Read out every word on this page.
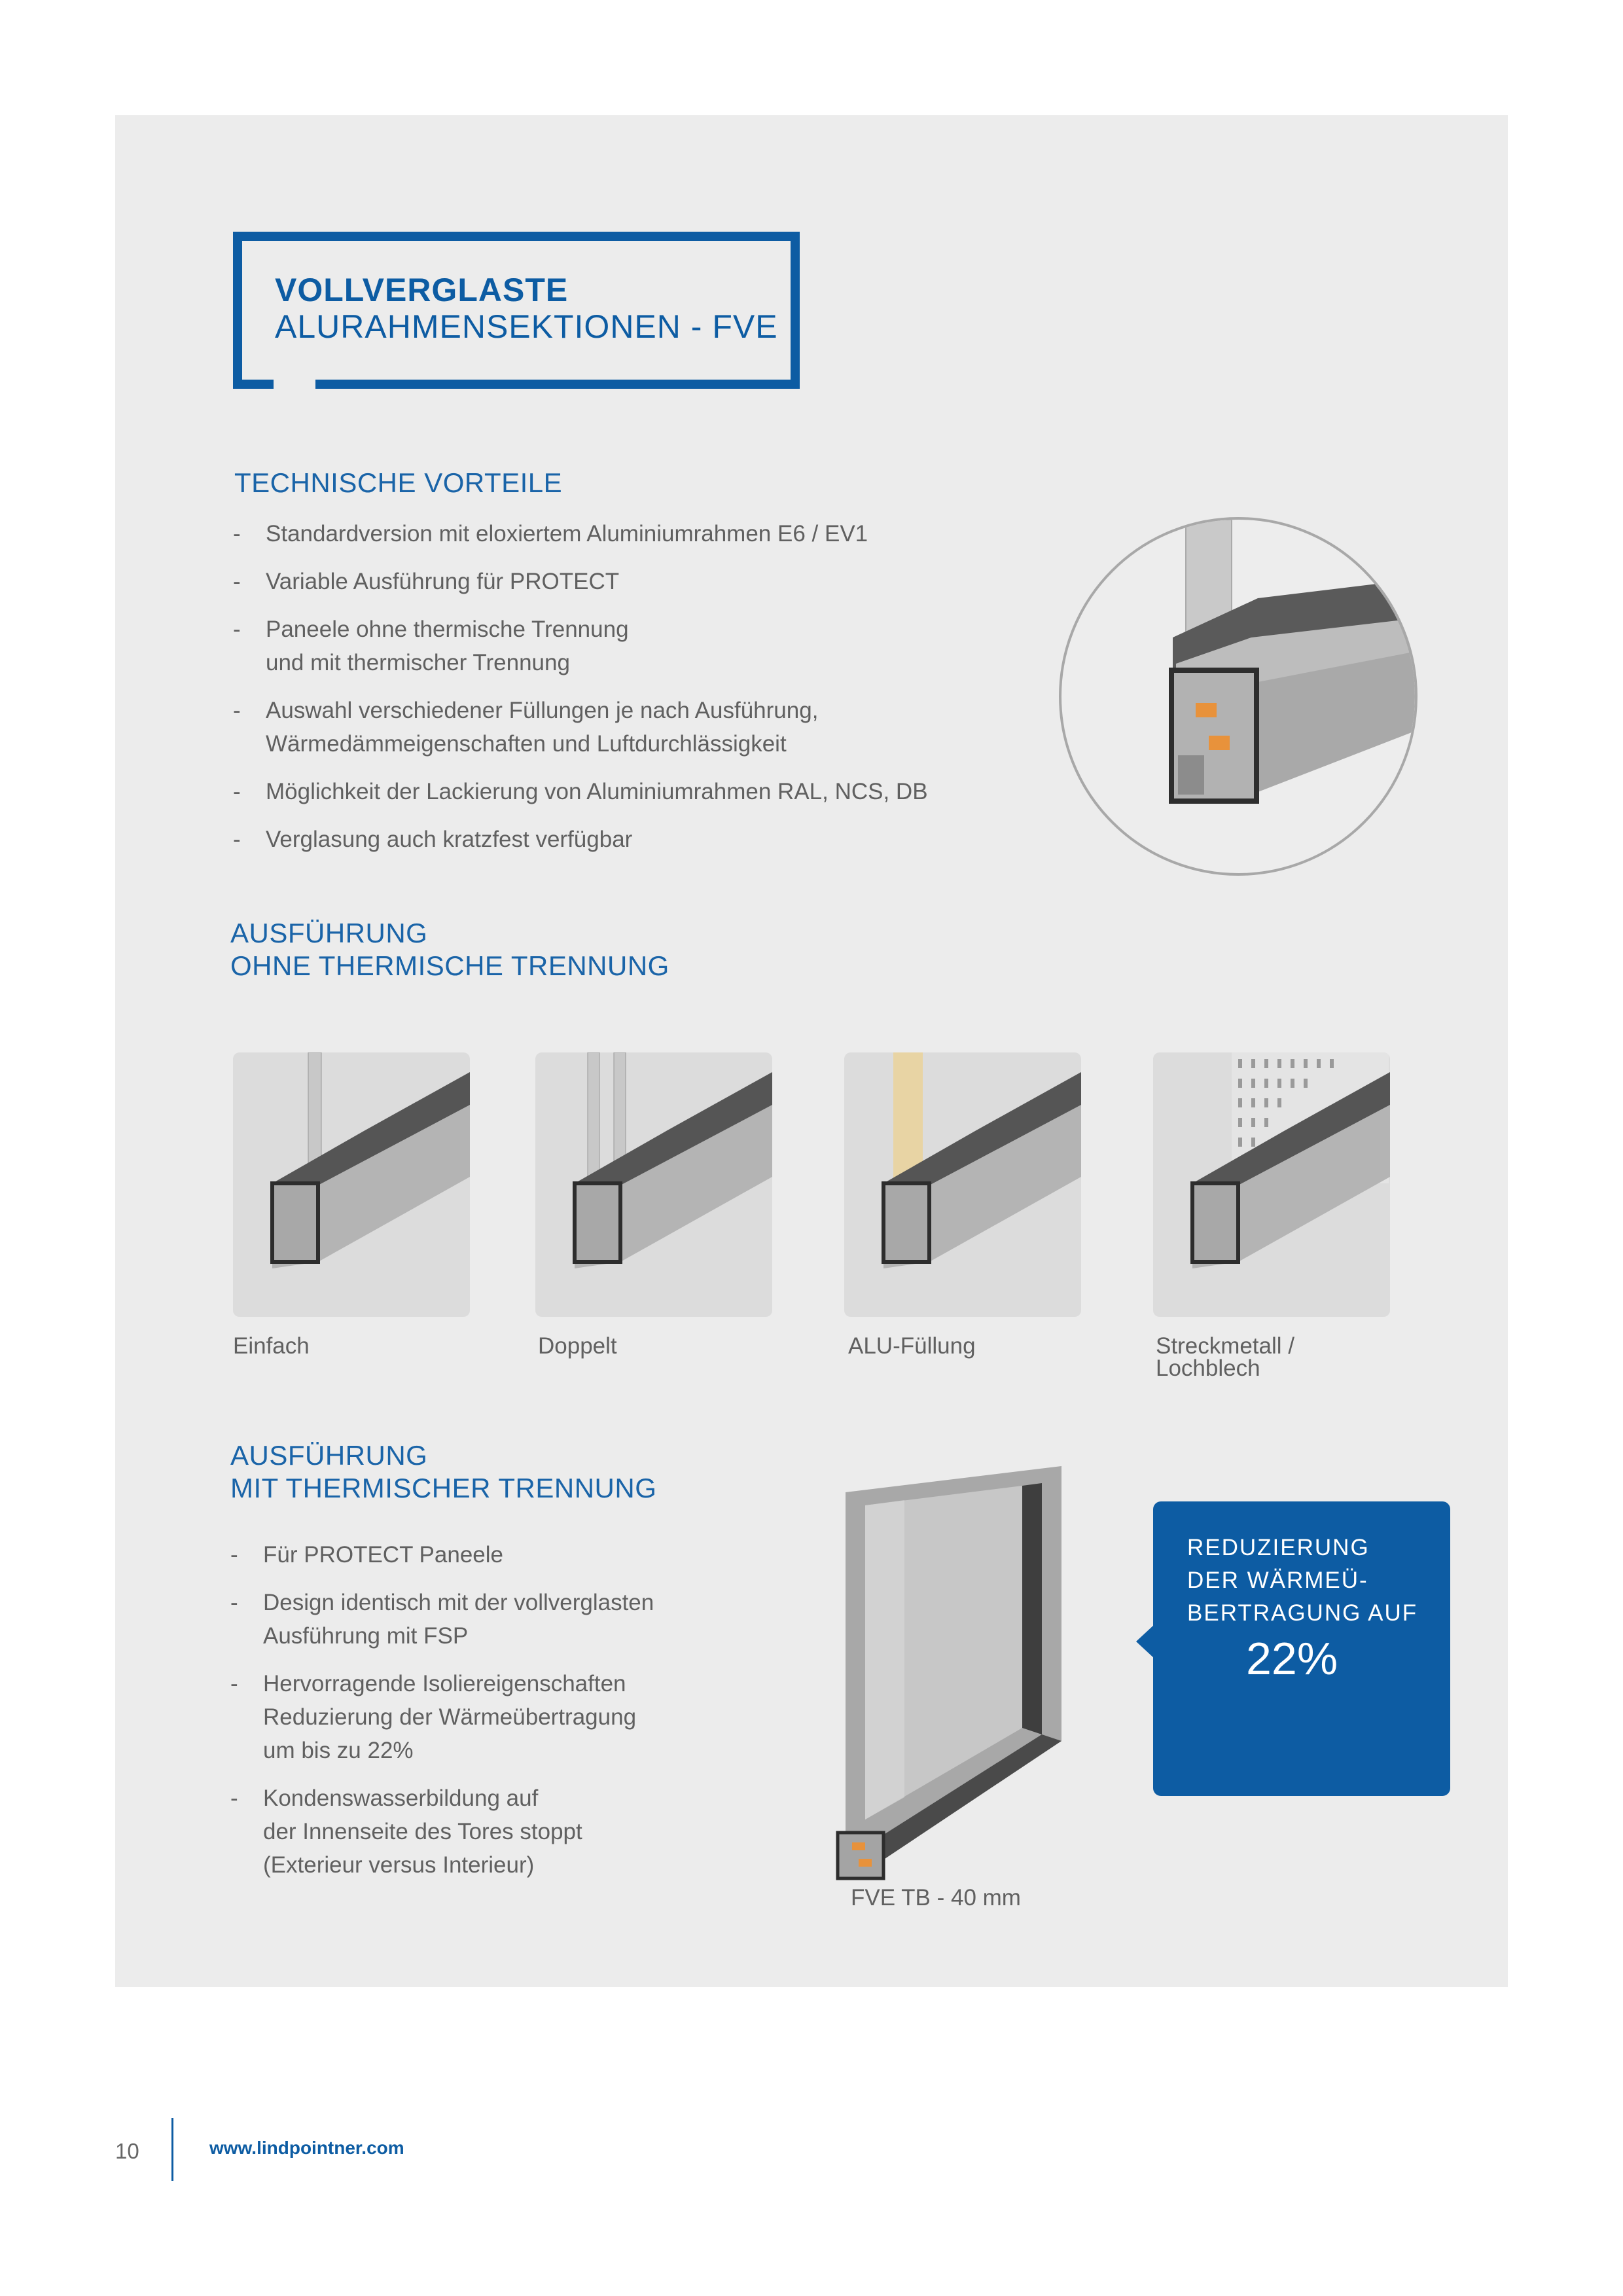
VOLLVERGLASTE
ALURAHMENSEKTIONEN - FVE
TECHNISCHE VORTEILE
- Standardversion mit eloxiertem Aluminiumrahmen E6 / EV1
- Variable Ausführung für PROTECT
- Paneele ohne thermische Trennung
und mit thermischer Trennung
- Auswahl verschiedener Füllungen je nach Ausführung,
Wärmedämmeigenschaften und Luftdurchlässigkeit
- Möglichkeit der Lackierung von Aluminiumrahmen RAL, NCS, DB
- Verglasung auch kratzfest verfügbar
AUSFÜHRUNG
OHNE THERMISCHE TRENNUNG
Einfach	Doppelt	ALU-Füllung	Streckmetall /
Lochblech
AUSFÜHRUNG
MIT THERMISCHER TRENNUNG
- Für PROTECT Paneele
- Design identisch mit der vollverglasten
Ausführung mit FSP
- Hervorragende Isoliereigenschaften
Reduzierung der Wärmeübertragung
um bis zu 22%
- Kondenswasserbildung auf
der Innenseite des Tores stoppt
(Exterieur versus Interieur)
FVE TB - 40 mm
REDUZIERUNG
DER WÄRMEÜ-
BERTRAGUNG AUF
22%
10	www.lindpointner.com
